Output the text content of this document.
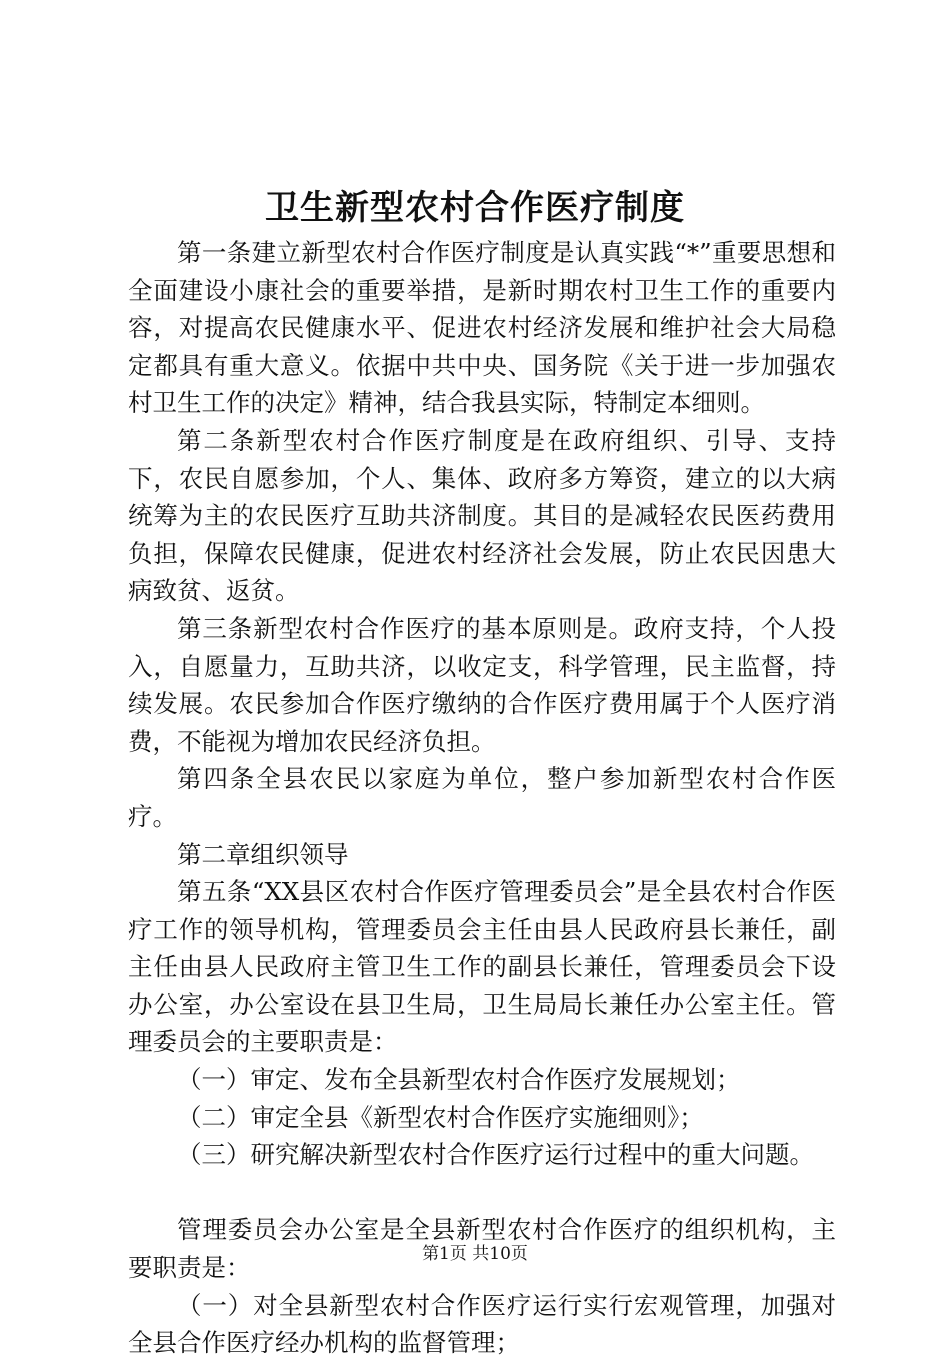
卫生新型农村合作医疗制度

第一条建立新型农村合作医疗制度是认真实践“*”重要思想和全面建设小康社会的重要举措，是新时期农村卫生工作的重要内容，对提高农民健康水平、促进农村经济发展和维护社会大局稳定都具有重大意义。依据中共中央、国务院《关于进一步加强农村卫生工作的决定》精神，结合我县实际，特制定本细则。

第二条新型农村合作医疗制度是在政府组织、引导、支持下，农民自愿参加，个人、集体、政府多方筹资，建立的以大病统筹为主的农民医疗互助共济制度。其目的是减轻农民医药费用负担，保障农民健康，促进农村经济社会发展，防止农民因患大病致贫、返贫。

第三条新型农村合作医疗的基本原则是。政府支持，个人投入，自愿量力，互助共济，以收定支，科学管理，民主监督，持续发展。农民参加合作医疗缴纳的合作医疗费用属于个人医疗消费，不能视为增加农民经济负担。

第四条全县农民以家庭为单位，整户参加新型农村合作医疗。

第二章组织领导

第五条“XX县区农村合作医疗管理委员会”是全县农村合作医疗工作的领导机构，管理委员会主任由县人民政府县长兼任，副主任由县人民政府主管卫生工作的副县长兼任，管理委员会下设办公室，办公室设在县卫生局，卫生局局长兼任办公室主任。管理委员会的主要职责是：

（一）审定、发布全县新型农村合作医疗发展规划；

（二）审定全县《新型农村合作医疗实施细则》；

（三）研究解决新型农村合作医疗运行过程中的重大问题。

管理委员会办公室是全县新型农村合作医疗的组织机构，主要职责是：

（一）对全县新型农村合作医疗运行实行宏观管理，加强对全县合作医疗经办机构的监督管理；

第1页 共10页
